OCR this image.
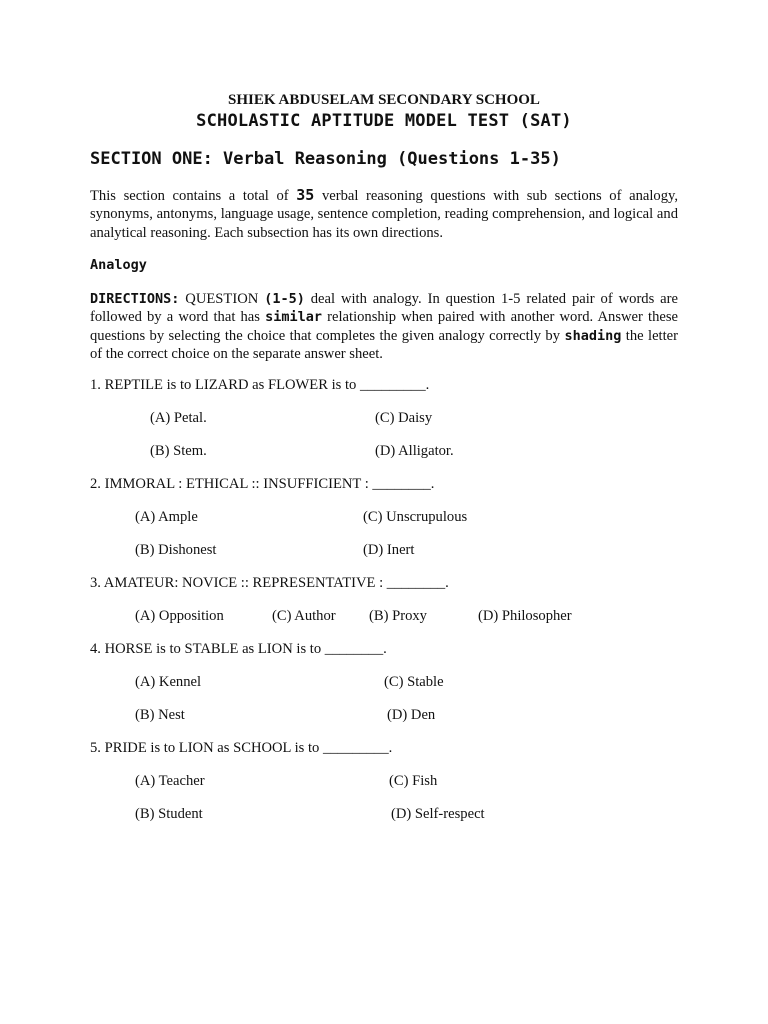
SHIEK ABDUSELAM SECONDARY SCHOOL
SCHOLASTIC APTITUDE MODEL TEST (SAT)
SECTION ONE: Verbal Reasoning (Questions 1-35)
This section contains a total of 35 verbal reasoning questions with sub sections of analogy, synonyms, antonyms, language usage, sentence completion, reading comprehension, and logical and analytical reasoning. Each subsection has its own directions.
Analogy
DIRECTIONS: QUESTION (1-5) deal with analogy. In question 1-5 related pair of words are followed by a word that has similar relationship when paired with another word. Answer these questions by selecting the choice that completes the given analogy correctly by shading the letter of the correct choice on the separate answer sheet.
1. REPTILE is to LIZARD as FLOWER is to _________.
(A) Petal.	(C) Daisy
(B) Stem.	(D) Alligator.
2. IMMORAL : ETHICAL :: INSUFFICIENT : ________.
(A) Ample	(C) Unscrupulous
(B) Dishonest	(D) Inert
3. AMATEUR: NOVICE :: REPRESENTATIVE : ________.
(A) Opposition	(C) Author (B) Proxy	(D) Philosopher
4. HORSE is to STABLE as LION is to ________.
(A) Kennel	(C) Stable
(B) Nest	(D) Den
5. PRIDE is to LION as SCHOOL is to _________.
(A) Teacher	(C) Fish
(B) Student	(D) Self-respect
